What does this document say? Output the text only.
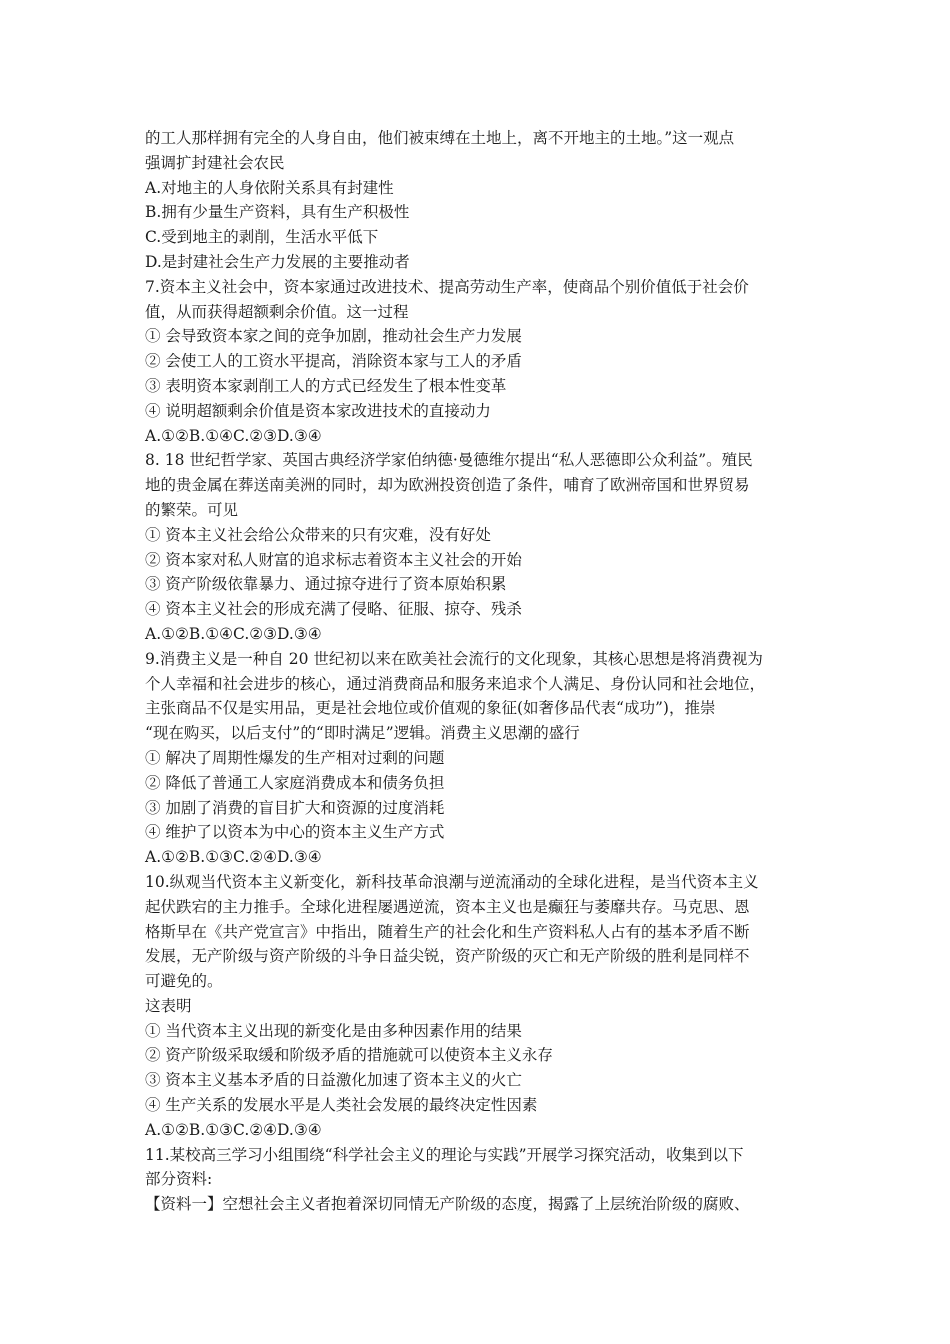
的工人那样拥有完全的人身自由，他们被束缚在土地上，离不开地主的土地。”这一观点
强调扩封建社会农民
A.对地主的人身依附关系具有封建性
B.拥有少量生产资料，具有生产积极性
C.受到地主的剥削，生活水平低下
D.是封建社会生产力发展的主要推动者
7.资本主义社会中，资本家通过改进技术、提高劳动生产率，使商品个别价值低于社会价
值，从而获得超额剩余价值。这一过程
① 会导致资本家之间的竞争加剧，推动社会生产力发展
② 会使工人的工资水平提高，消除资本家与工人的矛盾
③ 表明资本家剥削工人的方式已经发生了根本性变革
④ 说明超额剩余价值是资本家改进技术的直接动力
A.①②B.①④C.②③D.③④
8. 18 世纪哲学家、英国古典经济学家伯纳德·曼德维尔提出“私人恶德即公众利益”。殖民
地的贵金属在葬送南美洲的同时，却为欧洲投资创造了条件，哺育了欧洲帝国和世界贸易
的繁荣。可见
① 资本主义社会给公众带来的只有灾难，没有好处
② 资本家对私人财富的追求标志着资本主义社会的开始
③ 资产阶级依靠暴力、通过掠夺进行了资本原始积累
④ 资本主义社会的形成充满了侵略、征服、掠夺、残杀
A.①②B.①④C.②③D.③④
9.消费主义是一种自 20 世纪初以来在欧美社会流行的文化现象，其核心思想是将消费视为
个人幸福和社会进步的核心，通过消费商品和服务来追求个人满足、身份认同和社会地位，
主张商品不仅是实用品，更是社会地位或价值观的象征(如奢侈品代表“成功”)，推崇
“现在购买，以后支付”的“即时满足”逻辑。消费主义思潮的盛行
① 解决了周期性爆发的生产相对过剩的问题
② 降低了普通工人家庭消费成本和债务负担
③ 加剧了消费的盲目扩大和资源的过度消耗
④ 维护了以资本为中心的资本主义生产方式
A.①②B.①③C.②④D.③④
10.纵观当代资本主义新变化，新科技革命浪潮与逆流涌动的全球化进程，是当代资本主义
起伏跌宕的主力推手。全球化进程屡遇逆流，资本主义也是癫狂与萎靡共存。马克思、恩
格斯早在《共产党宣言》中指出，随着生产的社会化和生产资料私人占有的基本矛盾不断
发展，无产阶级与资产阶级的斗争日益尖锐，资产阶级的灭亡和无产阶级的胜利是同样不
可避免的。
这表明
① 当代资本主义出现的新变化是由多种因素作用的结果
② 资产阶级采取缓和阶级矛盾的措施就可以使资本主义永存
③ 资本主义基本矛盾的日益激化加速了资本主义的火亡
④ 生产关系的发展水平是人类社会发展的最终决定性因素
A.①②B.①③C.②④D.③④
11.某校高三学习小组围绕“科学社会主义的理论与实践”开展学习探究活动，收集到以下
部分资料:
【资料一】空想社会主义者抱着深切同情无产阶级的态度，揭露了上层统治阶级的腐败、
